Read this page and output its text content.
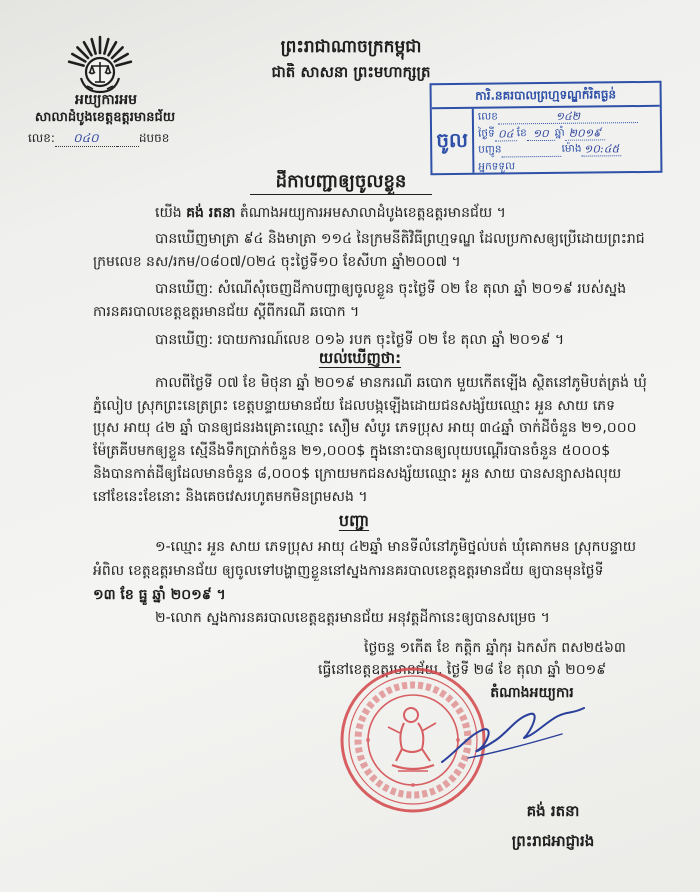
អយ្យការអម
សាលាដំបូងខេត្តឧត្តរមានជ័យ
លេខ: ០៤០	ដបចខ
ព្រះរាជាណាចក្រកម្ពុជា
ជាតិ សាសនា ព្រះមហាក្សត្រ
ការិ.នគរបាលព្រហ្មទណ្ឌកំរិតធ្ងន់
ចូល
លេខ	១៤២
ថ្ងៃទី ០៤ ខែ ១០ ឆ្នាំ ២០១៩
បញ្ជូន	ម៉ោង ១០:៤៥
អ្នកទទួល
ដីកាបញ្ជាឲ្យចូលខ្លួន
យើង គង់ រតនា តំណាងអយ្យការអមសាលាដំបូងខេត្តឧត្តរមានជ័យ ។
បានឃើញមាត្រា ៩៤ និងមាត្រា ១១៤ នៃក្រមនីតិវិធីព្រហ្មទណ្ឌ ដែលប្រកាសឲ្យប្រើដោយព្រះរាជ
ក្រមលេខ នស/រកម/០៨០៧/០២៤ ចុះថ្ងៃទី១០ ខែសីហា ឆ្នាំ២០០៧ ។
បានឃើញ: សំណើសុំចេញដីកាបញ្ជាឲ្យចូលខ្លួន ចុះថ្ងៃទី ០២ ខែ តុលា ឆ្នាំ ២០១៩ របស់ស្នង
ការនគរបាលខេត្តឧត្តរមានជ័យ ស្តីពីករណី ឆបោក ។
បានឃើញ: របាយការណ៍លេខ ០១៦ របក ចុះថ្ងៃទី ០២ ខែ តុលា ឆ្នាំ ២០១៩ ។
យល់ឃើញថា:
កាលពីថ្ងៃទី ០៧ ខែ មិថុនា ឆ្នាំ ២០១៩ មានករណី ឆបោក មួយកើតឡើង ស្ថិតនៅភូមិបត់ត្រង់ ឃុំ
ភ្នំលៀប ស្រុកព្រះនេត្រព្រះ ខេត្តបន្ទាយមានជ័យ ដែលបង្កឡើងដោយជនសង្ស័យឈ្មោះ អួន សាយ ភេទ
ប្រុស អាយុ ៤២ ឆ្នាំ បានឲ្យជនរងគ្រោះឈ្មោះ សឿម សំបូរ ភេទប្រុស អាយុ ៣៤ឆ្នាំ ចាក់ដីចំនួន ២១,០០០
ម៉ែត្រគីបមកឲ្យខ្លួន ស្មើនឹងទឹកប្រាក់ចំនួន ២១,០០០$ ក្នុងនោះបានឲ្យលុយបណ្តើរបានចំនួន ៥០០០$
និងបានកាត់ដីឲ្យដែលមានចំនួន ៨,០០០$ ក្រោយមកជនសង្ស័យឈ្មោះ អួន សាយ បានសន្យាសងលុយ
នៅខែនេះខែនោះ និងគេចវេសរហូតមកមិនព្រមសង ។
បញ្ជា
១-ឈ្មោះ អួន សាយ ភេទប្រុស អាយុ ៤២ឆ្នាំ មានទីលំនៅភូមិថ្នល់បត់ ឃុំគោកមន ស្រុកបន្ទាយ
អំពិល ខេត្តឧត្តរមានជ័យ ឲ្យចូលទៅបង្ហាញខ្លួននៅស្នងការនគរបាលខេត្តឧត្តរមានជ័យ ឲ្យបានមុនថ្ងៃទី
១៣ ខែ ធ្នូ ឆ្នាំ ២០១៩ ។
២-លោក ស្នងការនគរបាលខេត្តឧត្តរមានជ័យ អនុវត្តដីកានេះឲ្យបានសម្រេច ។
ថ្ងៃចន្ទ ១កើត ខែ កត្តិក ឆ្នាំកុរ ឯកស័ក ពស២៥៦៣
ធ្វើនៅខេត្តឧត្តរមានជ័យ, ថ្ងៃទី ២៨ ខែ តុលា ឆ្នាំ ២០១៩
តំណាងអយ្យការ
គង់ រតនា
ព្រះរាជអាជ្ញារង
